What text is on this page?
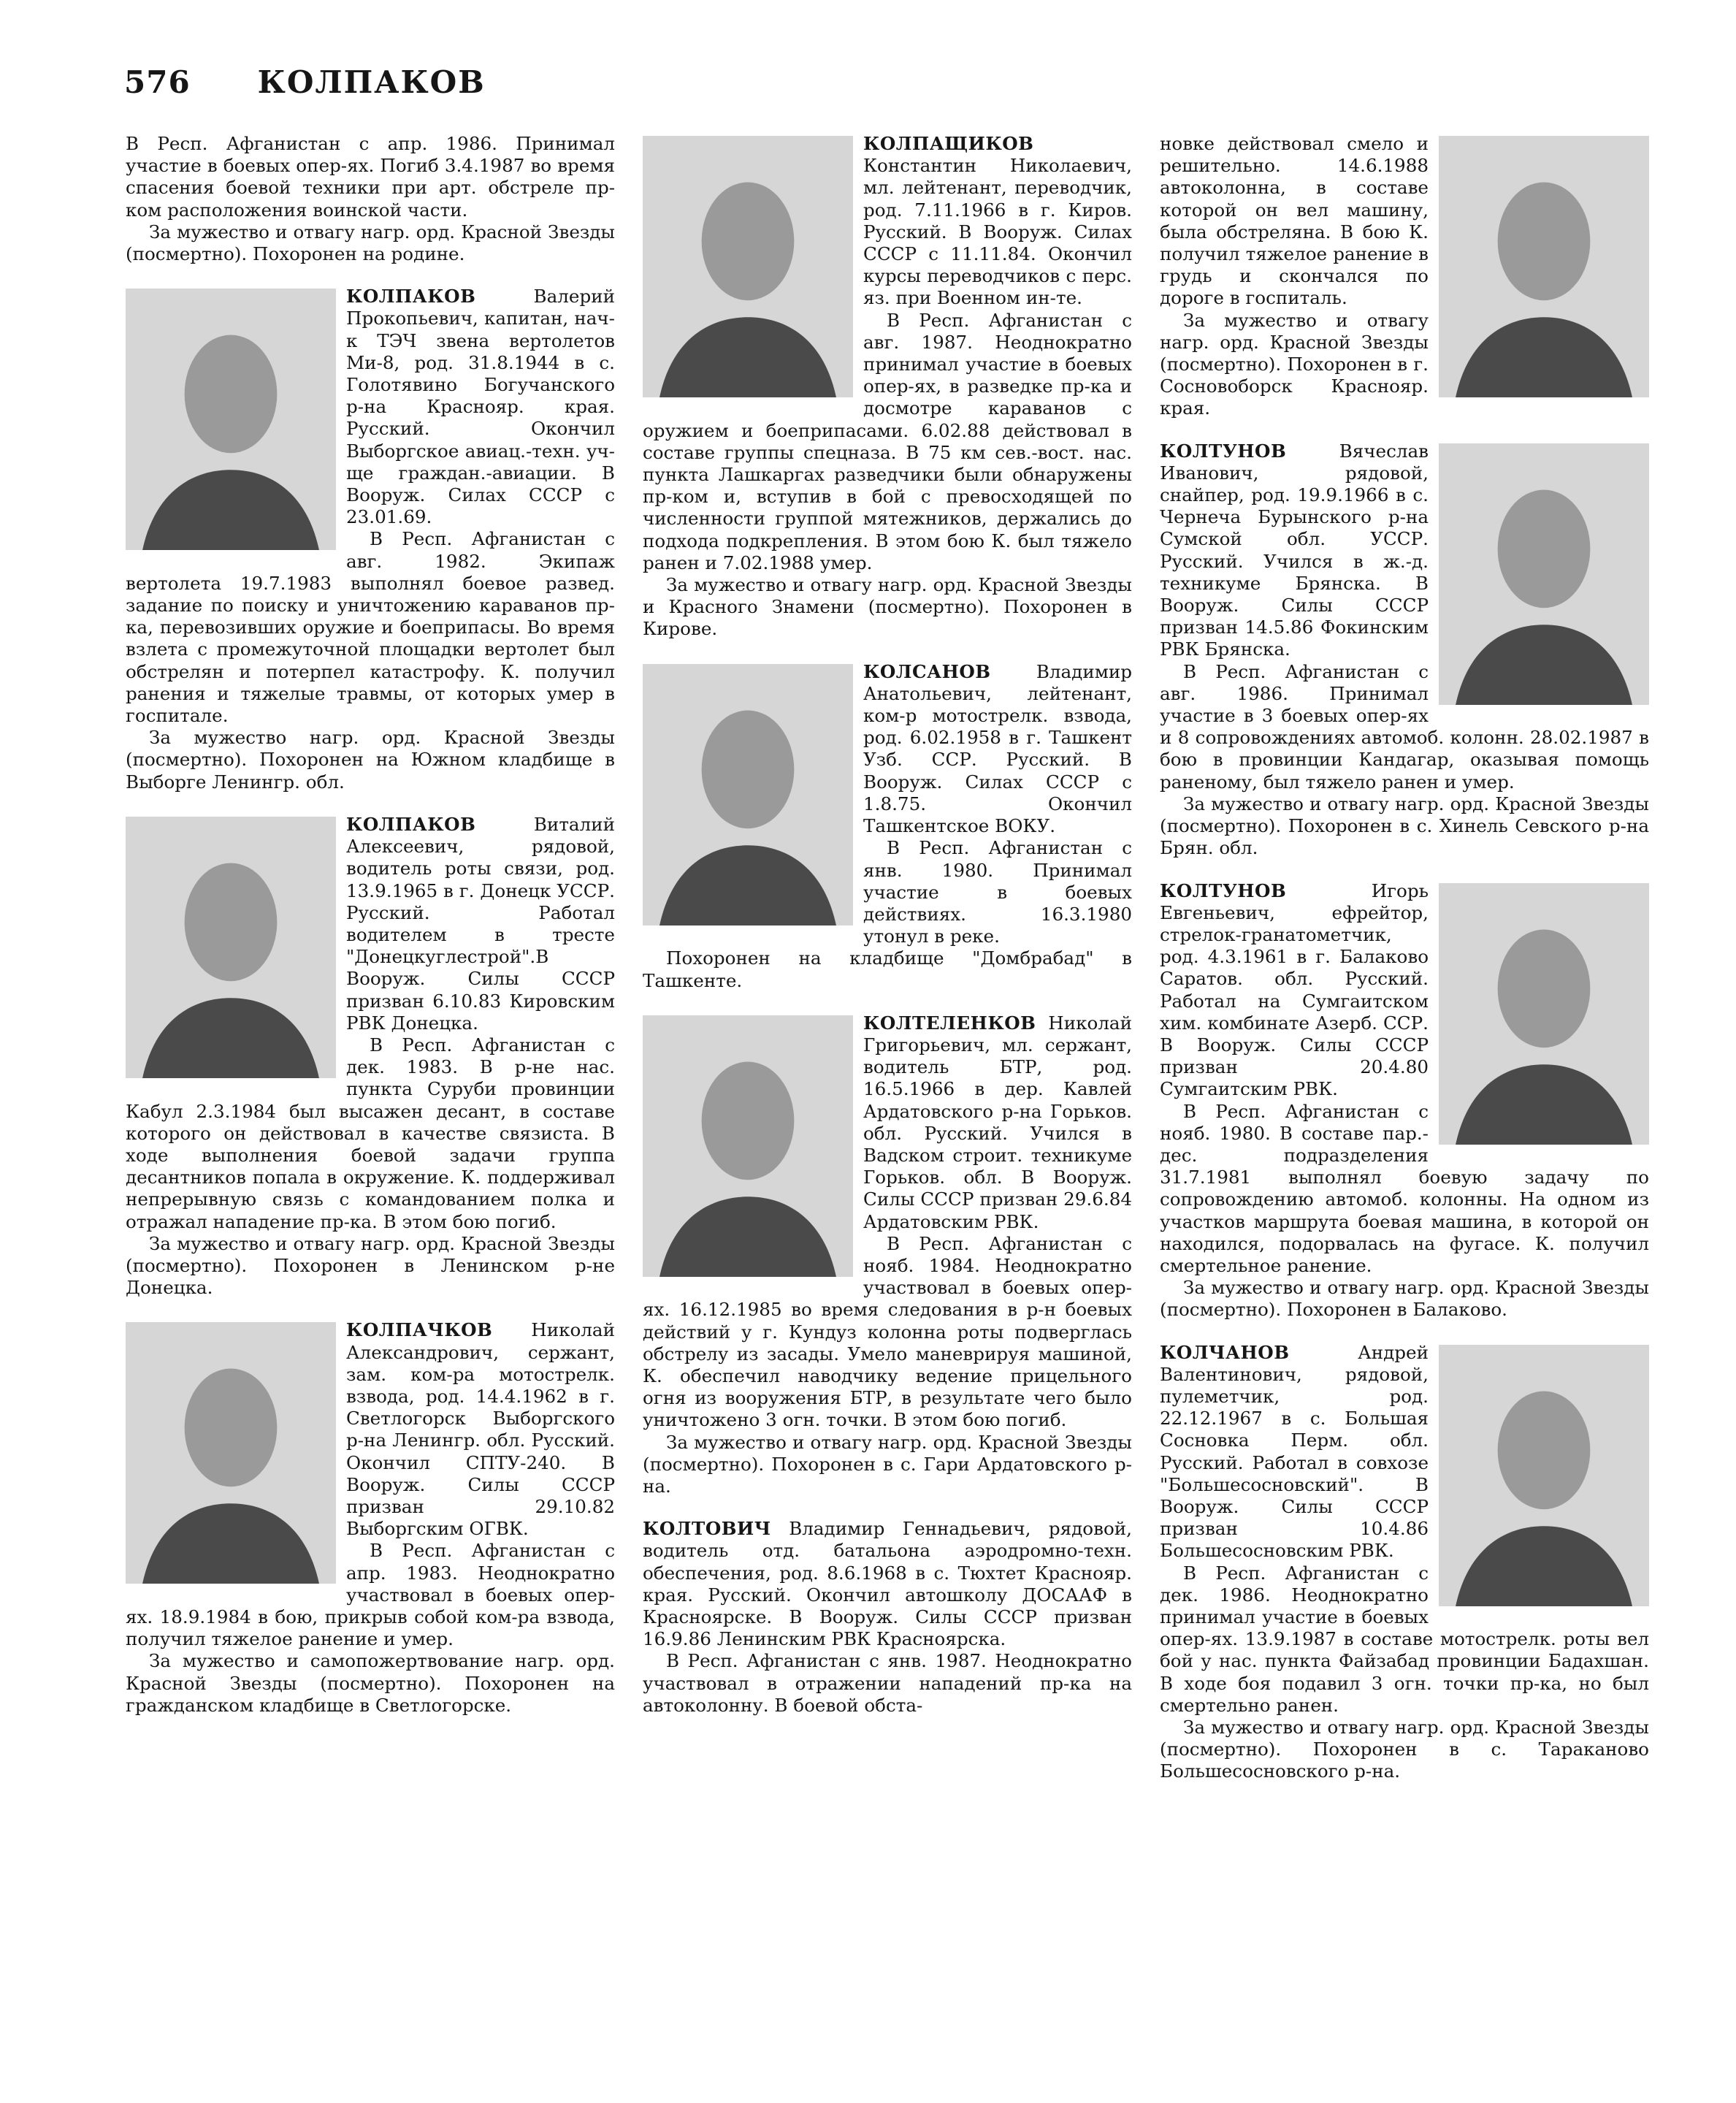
576 КОЛПАКОВ

В Респ. Афганистан с апр. 1986. Принимал участие в боевых опер-ях. Погиб 3.4.1987 во время спасения боевой техники при арт. обстреле пр-ком расположения воинской части.

За мужество и отвагу нагр. орд. Красной Звезды (посмертно). Похоронен на родине.

КОЛПАКОВ	Валерий Прокопьевич, капитан, нач-к ТЭЧ звена вертолетов Ми-8, род. 31.8.1944 в с. Голотявино Богучанского р-на Краснояр. края. Русский. Окончил Выборгское авиац.-техн. уч-ще граждан.-авиации. В Вооруж. Силах СССР с 23.01.69.

В Респ. Афганистан с авг. 1982. Экипаж вертолета 19.7.1983 выполнял боевое развед. задание по поиску и уничтожению караванов пр-ка, перевозивших оружие и боеприпасы. Во время взлета с промежуточной площадки вертолет был обстрелян и потерпел катастрофу. К. получил ранения и тяжелые травмы, от которых умер в госпитале.

За мужество нагр. орд. Красной Звезды (посмертно). Похоронен на Южном кладбище в Выборге Ленингр. обл.

КОЛПАКОВ	Виталий Алексеевич, рядовой, водитель роты связи, род. 13.9.1965 в г. Донецк УССР. Русский. Работал водителем в тресте "Донецкуглестрой".В Вооруж. Силы СССР призван 6.10.83 Кировским РВК Донецка.

В Респ. Афганистан с дек. 1983. В р-не нас. пункта Суруби провинции Кабул 2.3.1984 был высажен десант, в составе которого он действовал в качестве связиста. В ходе выполнения боевой задачи группа десантников попала в окружение. К. поддерживал непрерывную связь с командованием полка и отражал нападение пр-ка. В этом бою погиб.

За мужество и отвагу нагр. орд. Красной Звезды (посмертно). Похоронен в Ленинском р-не Донецка.

КОЛПАЧКОВ Николай Александрович, сержант, зам. ком-ра мотострелк. взвода, род. 14.4.1962 в г. Светлогорск Выборгского р-на Ленингр. обл. Русский. Окончил СПТУ-240. В Вооруж. Силы СССР призван 29.10.82 Выборгским ОГВК.

В Респ. Афганистан с апр. 1983. Неоднократно участвовал в боевых опер-ях. 18.9.1984 в бою, прикрыв собой ком-ра взвода, получил тяжелое ранение и умер.

За мужество и самопожертвование нагр. орд. Красной Звезды (посмертно). Похоронен на гражданском кладбище в Светлогорске.

КОЛПАЩИКОВ
Константин Николаевич, мл. лейтенант, переводчик, род. 7.11.1966 в г. Киров. Русский. В Вооруж. Силах СССР с 11.11.84. Окончил курсы переводчиков с перс. яз. при Военном ин-те.

В Респ. Афганистан с авг. 1987. Неоднократно принимал участие в боевых опер-ях, в разведке пр-ка и досмотре караванов с оружием и боеприпасами. 6.02.88 действовал в составе группы спецназа. В 75 км сев.-вост. нас. пункта Лашкаргах разведчики были обнаружены пр-ком и, вступив в бой с превосходящей по численности группой мятежников, держались до подхода подкрепления. В этом бою К. был тяжело ранен и 7.02.1988 умер.

За мужество и отвагу нагр. орд. Красной Звезды и Красного Знамени (посмертно). Похоронен в Кирове.

КОЛСАНОВ	Владимир Анатольевич, лейтенант, ком-р мотострелк. взвода, род. 6.02.1958 в г. Ташкент Узб. ССР. Русский. В Вооруж. Силах СССР с 1.8.75. Окончил Ташкентское ВОКУ.

В Респ. Афганистан с янв. 1980. Принимал участие в боевых действиях. 16.3.1980 утонул в реке.

Похоронен на кладбище "Домбрабад" в Ташкенте.

КОЛТЕЛЕНКОВ Николай Григорьевич, мл. сержант, водитель БТР, род. 16.5.1966 в дер. Кавлей Ардатовского р-на Горьков. обл. Русский. Учился в Вадском строит. техникуме Горьков. обл. В Вооруж. Силы СССР призван 29.6.84 Ардатовским РВК.

В Респ. Афганистан с нояб. 1984. Неоднократно участвовал в боевых опер-ях. 16.12.1985 во время следования в р-н боевых действий у г. Кундуз колонна роты подверглась обстрелу из засады. Умело маневрируя машиной, К. обеспечил наводчику ведение прицельного огня из вооружения БТР, в результате чего было уничтожено 3 огн. точки. В этом бою погиб.

За мужество и отвагу нагр. орд. Красной Звезды (посмертно). Похоронен в с. Гари Ардатовского р-на.

КОЛТОВИЧ Владимир Геннадьевич, рядовой, водитель отд. батальона аэродромно-техн. обеспечения, род. 8.6.1968 в с. Тюхтет Краснояр. края. Русский. Окончил автошколу ДОСААФ в Красноярске. В Вооруж. Силы СССР призван 16.9.86 Ленинским РВК Красноярска.

В Респ. Афганистан с янв. 1987. Неоднократно участвовал в отражении нападений пр-ка на автоколонну. В боевой обста-

новке действовал смело и решительно. 14.6.1988 автоколонна, в составе которой он вел машину, была обстреляна. В бою К. получил тяжелое ранение в грудь и скончался по дороге в госпиталь.

За мужество и отвагу нагр. орд. Красной Звезды (посмертно). Похоронен в г. Сосновоборск Краснояр. края.

КОЛТУНОВ	Вячеслав Иванович, рядовой, снайпер, род. 19.9.1966 в с. Чернеча Бурынского р-на Сумской обл. УССР. Русский. Учился в ж.-д. техникуме Брянска. В Вооруж. Силы СССР призван 14.5.86 Фокинским РВК Брянска.

В Респ. Афганистан с авг. 1986. Принимал участие в 3 боевых опер-ях и 8 сопровождениях автомоб. колонн. 28.02.1987 в бою в провинции Кандагар, оказывая помощь раненому, был тяжело ранен и умер.

За мужество и отвагу нагр. орд. Красной Звезды (посмертно). Похоронен в с. Хинель Севского р-на Брян. обл.

КОЛТУНОВ	Игорь Евгеньевич, ефрейтор, стрелок-гранатометчик, род. 4.3.1961 в г. Балаково Саратов. обл. Русский. Работал на Сумгаитском хим. комбинате Азерб. ССР. В Вооруж. Силы СССР призван 20.4.80 Сумгаитским РВК.

В Респ. Афганистан с нояб. 1980. В составе пар.-дес. подразделения 31.7.1981 выполнял боевую задачу по сопровождению автомоб. колонны. На одном из участков маршрута боевая машина, в которой он находился, подорвалась на фугасе. К. получил смертельное ранение.

За мужество и отвагу нагр. орд. Красной Звезды (посмертно). Похоронен в Балаково.

КОЛЧАНОВ	Андрей Валентинович, рядовой, пулеметчик, род. 22.12.1967 в с. Большая Сосновка Перм. обл. Русский. Работал в совхозе "Большесосновский". В Вооруж. Силы СССР призван 10.4.86 Большесосновским РВК.

В Респ. Афганистан с дек. 1986. Неоднократно принимал участие в боевых опер-ях. 13.9.1987 в составе мотострелк. роты вел бой у нас. пункта Файзабад провинции Бадахшан. В ходе боя подавил 3 огн. точки пр-ка, но был смертельно ранен.

За мужество и отвагу нагр. орд. Красной Звезды (посмертно). Похоронен в с. Тараканово Большесосновского р-на.
